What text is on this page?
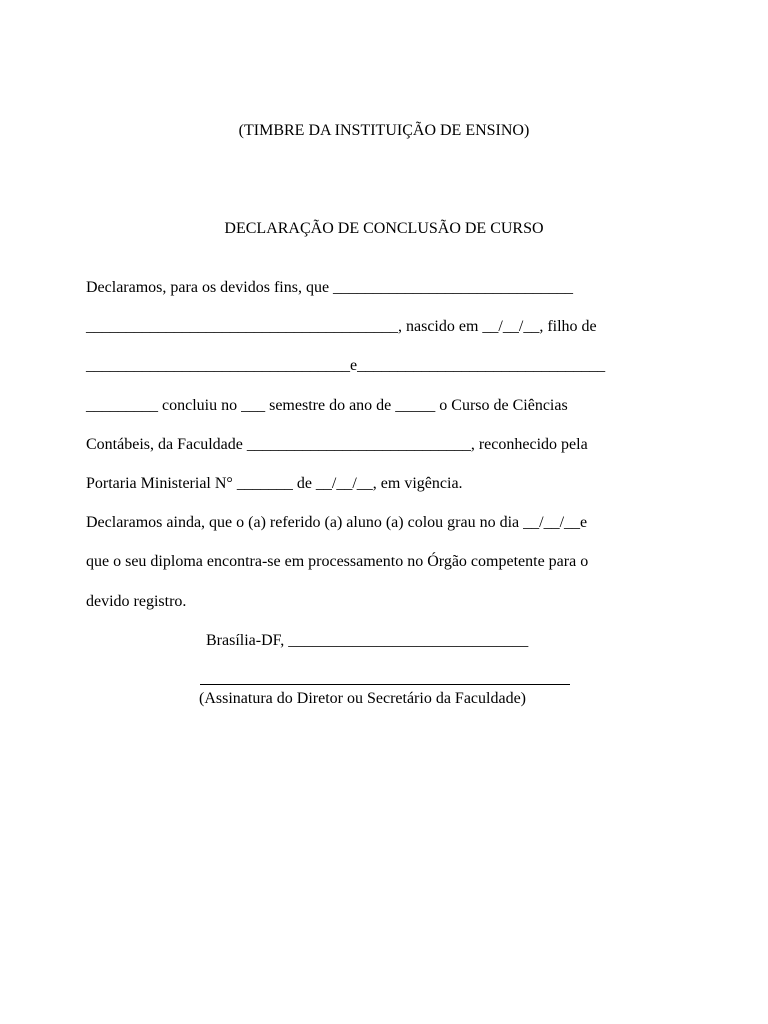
(TIMBRE DA INSTITUIÇÃO DE ENSINO)
DECLARAÇÃO DE CONCLUSÃO DE CURSO
Declaramos, para os devidos fins, que ______________________________
_______________________________________, nascido em __/__/__, filho de
_________________________________e_______________________________
_________ concluiu no ___ semestre do ano de _____ o Curso de Ciências
Contábeis, da Faculdade ____________________________, reconhecido pela
Portaria Ministerial N° _______ de __/__/__, em vigência.
Declaramos ainda, que o (a) referido (a) aluno (a) colou grau no dia __/__/__e
que o seu diploma encontra-se em processamento no Órgão competente para o
devido registro.
Brasília-DF, ______________________________
(Assinatura do Diretor ou Secretário da Faculdade)
